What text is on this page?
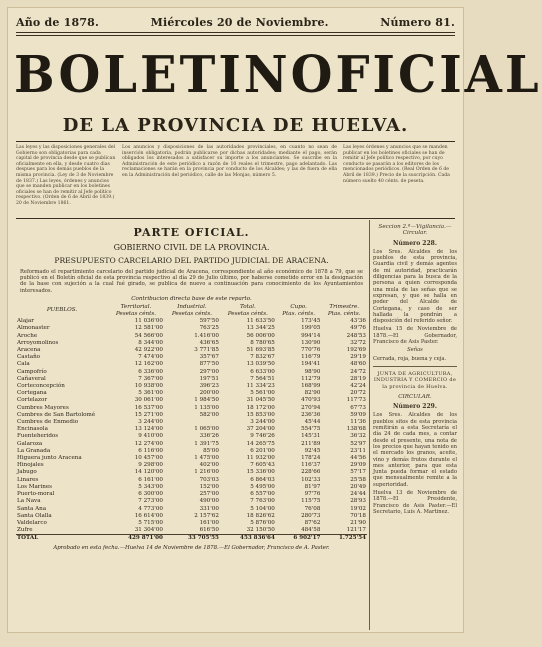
Año de 1878.	Miércoles 20 de Noviembre.	Número 81.
BOLETIN OFICIAL
DE LA PROVINCIA DE HUELVA.
Las leyes y las disposiciones generales del Gobierno son obligatorias para cada capital de provincia desde que se publican oficialmente en ella, y desde cuatro dias despues para los demás pueblos de la misma provincia. (Ley de 3 de Noviembre de 1837.) Las leyes, órdenes y anuncios que se manden publicar en los boletines oficiales se han de remitir al Jefe político respectivo. (Orden de 6 de Abril de 1839.) 20 de Noviembre 1861.
Los anuncios y disposiciones de las autoridades provinciales, en cuanto no sean de inserción obligatoria, podrán publicarse por dichas autoridades; mediante el pago, serán obligados los interesados a satisfacer su importe a los anunciantes. Se suscribe en la Administración de este periódico a razón de 10 reales el trimestre, pago adelantado. Las reclamaciones se harán en la provincia por conducto de los Alcaldes; y las de fuera de ella en la Administración del periódico, calle de las Monjas, número 5.
Las leyes órdenes y anuncios que se manden publicar en los boletines oficiales se han de remitir al Jefe político respectivo, por cuyo conducto se pasarán a los editores de los mencionados periódicos. (Real Orden de 6 de Abril de 1839.) Precio de la suscripción. Cada número suelto 40 cénts. de peseta.
PARTE OFICIAL.
GOBIERNO CIVIL DE LA PROVINCIA.
PRESUPUESTO CARCELARIO DEL PARTIDO JUDICIAL DE ARACENA.
Reformado el repartimiento carcelario del partido judicial de Aracena, correspondiente al año económico de 1878 a 79, que se publicó en el Boletín oficial de esta provincia respectivo al día 29 de Julio último, por haberse cometido error en la designación de la base con sujeción a la cual fué girado, se publica de nuevo a continuación para conocimiento de los Ayuntamientos interesados.
Contribucion directa base de este reparto.
PUEBLOS.	Territorial.	Industrial.	Total.	Cupo.	Trimestre.
	Pesetas cénts.	Pesetas cénts.	Pesetas cénts.	Ptas. cénts.	Ptas. cénts.
Alajar	11 036'00	597'50	11 633'50	173'45	43'36
Almonaster	12 581'00	763'25	13 344'25	199'05	49'76
Aroche	54 566'00	1.416'00	56 006'00	994'14	248'53
Arroyomolinos	8 344'00	436'65	8 780'65	130'90	32'72
Aracena	42 922'00	3 771'85	51 693'85	770'76	192'69
Castaño	7 474'00	357'67	7 832'67	116'79	29'19
Cala	12 162'00	877'50	13 039'50	194'41	48'60
Campofrío	6 336'00	297'00	6 633'00	98'90	24'72
Cañaveral	7 367'00	197'51	7 564'51	112'79	28'19
Corteconcepción	10 938'00	396'23	11 334'23	168'99	42'24
Cortegana	5 361'00	200'00	5 561'00	82'90	20'72
Cortelazor	30 061'00	1 984'50	31 045'50	470'93	117'73
Cumbres Mayores	16 537'00	1 135'00	18 172'00	270'94	67'73
Cumbres de San Bartolomé	15 271'00	582'00	15 853'00	236'36	59'09
Cumbres de Enmedio	3 244'00		3 244'00	45'44	11'36
Encinasola	13 124'00	1 065'00	37 204'00	554'75	138'68
Fuenteheridos	9 410'00	336'26	9 746'26	145'31	36'32
Galaroza	12 274'00	1 391'75	14 265'75	211'89	52'97
La Granada	6 116'00	85'00	6 201'00	92'45	23'11
Higuera junto Aracena	10 457'00	1 475'00	11 932'00	178'24	44'56
Hinojales	9 298'00	402'00	7 605'43	116'37	29'09
Jabugo	14 120'00	1 216'00	15 336'00	228'66	57'17
Linares	6 161'00	703'03	6 864'03	102'33	25'58
Los Marines	5 343'00	152'00	5 495'00	81'97	20'49
Puerto-moral	6 300'00	257'00	6 557'00	97'76	24'44
La Nava	7 273'00	490'00	7 763'00	115'75	28'93
Santa Ana	4 773'00	331'00	5 104'00	76'08	19'02
Santa Olalla	16 614'00	2 157'62	18 826'62	280'73	70'18
Valdelarco	5 715'00	161'00	5 876'00	87'62	21'90
Zufre	31 304'00	616'50	32 150'50	484'58	121'17
TOTAL	429 871'00	33 705'55	453 836'64	6 902'17	1.725'54
Aprobado en esta fecha.—Huelva 14 de Noviembre de 1878.—El Gobernador, Francisco de A. Paster.
Seccion 2.ª—Vigilancia.—Circular.
Número 228.

Los Sres. Alcaldes de los pueblos de esta provincia, Guardia civil y demás agentes de mi autoridad, practicarán diligencias para la busca de la persona a quien corresponda una mula de las señas que se expresan, y que se halla en poder del Alcalde de Cortegana, y caso de ser hallada la pondrán a disposición del referido señor.

Huelva 15 de Noviembre de 1878.—El Gobernador, Francisco de Asis Paster.

Señas

Cerrada, roja, buena y ceja.

JUNTA DE AGRICULTURA, INDUSTRIA Y COMERCIO de la provincia de Huelva.
CIRCULAR.
Número 229.

Los Sres. Alcaldes de los pueblos sitos de esta provincia remitirán a esta Secretaría el día 24 de cada mes, a contar desde el presente, una nota de los precios que hayan tenido en el mercado los granos, aceite, vino y demás frutos durante el mes anterior, para que esta Junta pueda formar el estado que mensualmente remite a la superioridad.

Huelva 13 de Noviembre de 1878.—El Presidente, Francisco de Asis Paster.—El Secretario, Luis A. Martinez.
